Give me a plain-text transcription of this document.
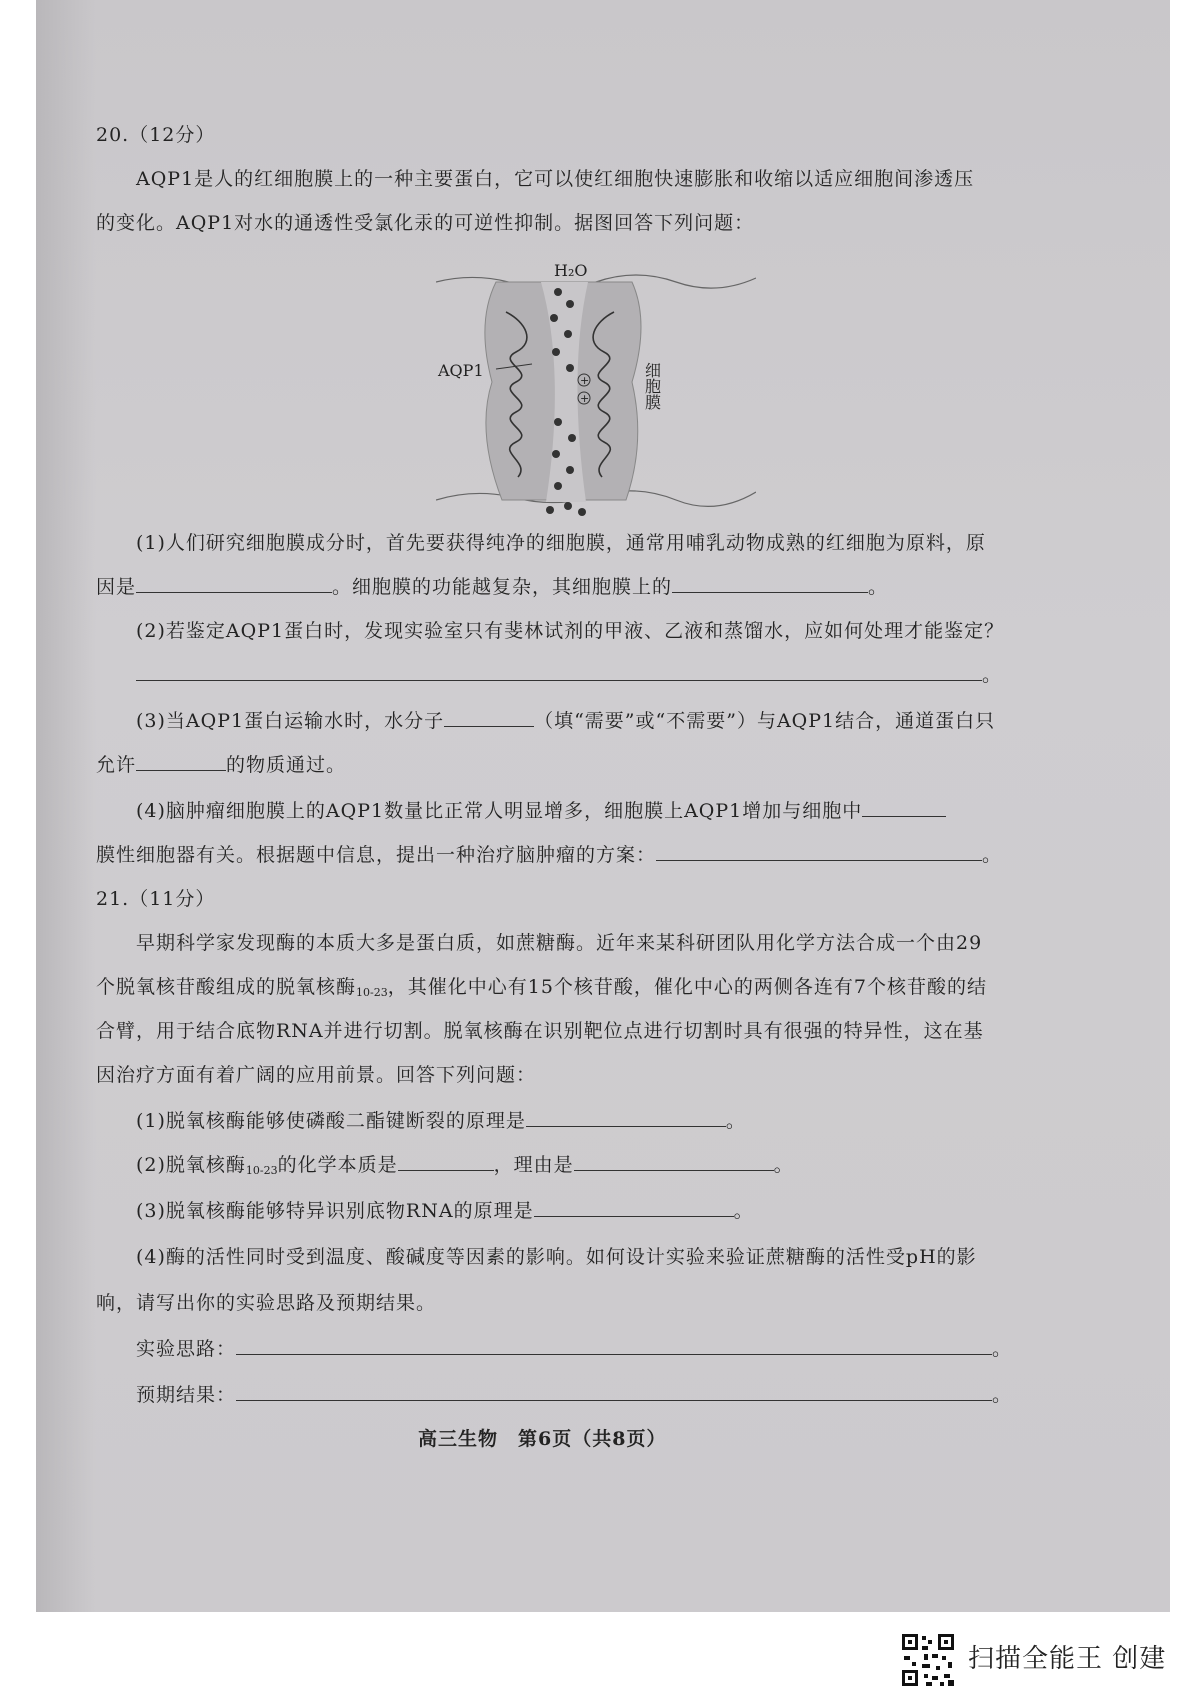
20.（12分）
AQP1是人的红细胞膜上的一种主要蛋白，它可以使红细胞快速膨胀和收缩以适应细胞间渗透压
的变化。AQP1对水的通透性受氯化汞的可逆性抑制。据图回答下列问题：
+
+
H₂O
AQP1	细胞膜
(1)人们研究细胞膜成分时，首先要获得纯净的细胞膜，通常用哺乳动物成熟的红细胞为原料，原
因是	。细胞膜的功能越复杂，其细胞膜上的	。
(2)若鉴定AQP1蛋白时，发现实验室只有斐林试剂的甲液、乙液和蒸馏水，应如何处理才能鉴定？
。
(3)当AQP1蛋白运输水时，水分子	（填“需要”或“不需要”）与AQP1结合，通道蛋白只
允许	的物质通过。
(4)脑肿瘤细胞膜上的AQP1数量比正常人明显增多，细胞膜上AQP1增加与细胞中
膜性细胞器有关。根据题中信息，提出一种治疗脑肿瘤的方案：	。
21.（11分）
早期科学家发现酶的本质大多是蛋白质，如蔗糖酶。近年来某科研团队用化学方法合成一个由29
个脱氧核苷酸组成的脱氧核酶$_{10-23}$，其催化中心有15个核苷酸，催化中心的两侧各连有7个核苷酸的结
合臂，用于结合底物RNA并进行切割。脱氧核酶在识别靶位点进行切割时具有很强的特异性，这在基
因治疗方面有着广阔的应用前景。回答下列问题：
(1)脱氧核酶能够使磷酸二酯键断裂的原理是	。
(2)脱氧核酶$_{10-23}$的化学本质是	，理由是	。
(3)脱氧核酶能够特异识别底物RNA的原理是	。
(4)酶的活性同时受到温度、酸碱度等因素的影响。如何设计实验来验证蔗糖酶的活性受pH的影
响，请写出你的实验思路及预期结果。
实验思路：	。
预期结果：	。
高三生物　第6页（共8页）
扫描全能王 创建
